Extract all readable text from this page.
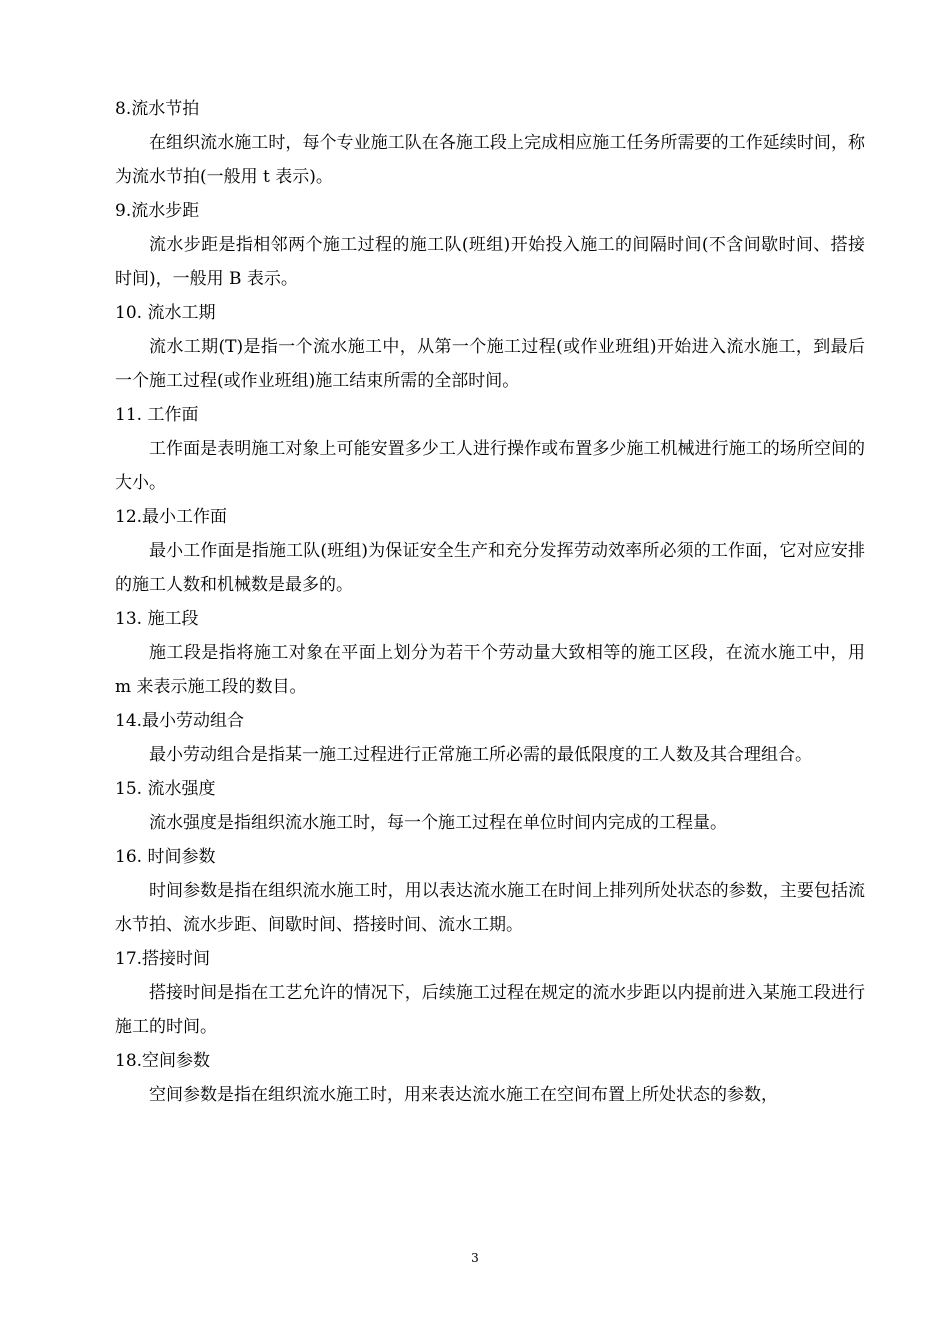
8.流水节拍

在组织流水施工时，每个专业施工队在各施工段上完成相应施工任务所需要的工作延续时间，称为流水节拍(一般用 t 表示)。

9.流水步距

流水步距是指相邻两个施工过程的施工队(班组)开始投入施工的间隔时间(不含间歇时间、搭接时间)，一般用 B 表示。

10. 流水工期

流水工期(T)是指一个流水施工中，从第一个施工过程(或作业班组)开始进入流水施工，到最后一个施工过程(或作业班组)施工结束所需的全部时间。

11. 工作面

工作面是表明施工对象上可能安置多少工人进行操作或布置多少施工机械进行施工的场所空间的大小。

12.最小工作面

最小工作面是指施工队(班组)为保证安全生产和充分发挥劳动效率所必须的工作面，它对应安排的施工人数和机械数是最多的。

13. 施工段

施工段是指将施工对象在平面上划分为若干个劳动量大致相等的施工区段，在流水施工中，用 m 来表示施工段的数目。

14.最小劳动组合

最小劳动组合是指某一施工过程进行正常施工所必需的最低限度的工人数及其合理组合。

15. 流水强度

流水强度是指组织流水施工时，每一个施工过程在单位时间内完成的工程量。

16. 时间参数

时间参数是指在组织流水施工时，用以表达流水施工在时间上排列所处状态的参数，主要包括流水节拍、流水步距、间歇时间、搭接时间、流水工期。

17.搭接时间

搭接时间是指在工艺允许的情况下，后续施工过程在规定的流水步距以内提前进入某施工段进行施工的时间。

18.空间参数

空间参数是指在组织流水施工时，用来表达流水施工在空间布置上所处状态的参数，

3
